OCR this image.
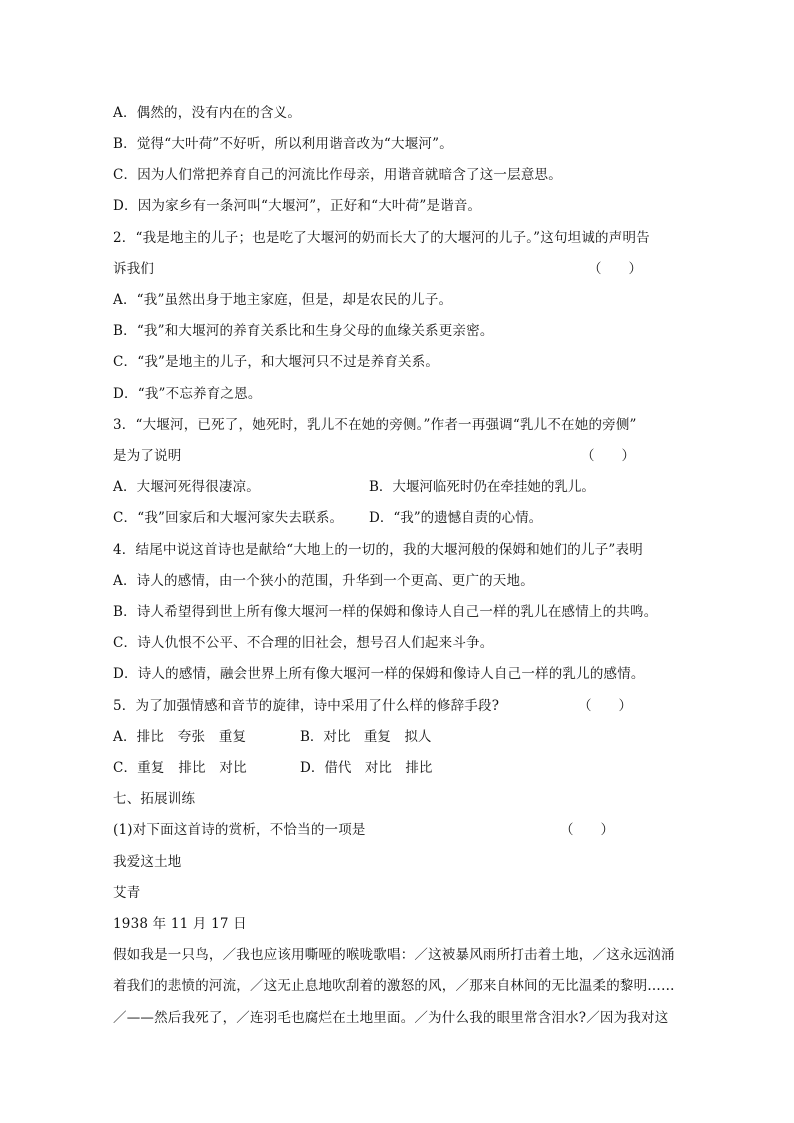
A．偶然的，没有内在的含义。
B．觉得“大叶荷”不好听，所以利用谐音改为“大堰河”。
C．因为人们常把养育自己的河流比作母亲，用谐音就暗含了这一层意思。
D．因为家乡有一条河叫“大堰河”，正好和“大叶荷”是谐音。
2．“我是地主的儿子；也是吃了大堰河的奶而长大了的大堰河的儿子。”这句坦诚的声明告
诉我们	（　　）
A．“我”虽然出身于地主家庭，但是，却是农民的儿子。
B．“我”和大堰河的养育关系比和生身父母的血缘关系更亲密。
C．“我”是地主的儿子，和大堰河只不过是养育关系。
D．“我”不忘养育之恩。
3．“大堰河，已死了，她死时，乳儿不在她的旁侧。”作者一再强调“乳儿不在她的旁侧”
是为了说明	（　　）
A．大堰河死得很凄凉。	B．大堰河临死时仍在牵挂她的乳儿。
C．“我”回家后和大堰河家失去联系。	D．“我”的遗憾自责的心情。
4．结尾中说这首诗也是献给“大地上的一切的，我的大堰河般的保姆和她们的儿子”表明
A．诗人的感情，由一个狭小的范围，升华到一个更高、更广的天地。
B．诗人希望得到世上所有像大堰河一样的保姆和像诗人自己一样的乳儿在感情上的共鸣。
C．诗人仇恨不公平、不合理的旧社会，想号召人们起来斗争。
D．诗人的感情，融会世界上所有像大堰河一样的保姆和像诗人自己一样的乳儿的感情。
5．为了加强情感和音节的旋律，诗中采用了什么样的修辞手段?	（　　）
A．排比　夸张　重复	B．对比　重复　拟人
C．重复　排比　对比	D．借代　对比　排比
七、拓展训练
(1)对下面这首诗的赏析，不恰当的一项是	（　　）
我爱这土地
艾青
1938 年 11 月 17 日
假如我是一只鸟，／我也应该用嘶哑的喉咙歌唱：／这被暴风雨所打击着土地，／这永远汹涌
着我们的悲愤的河流，／这无止息地吹刮着的激怒的风，／那来自林间的无比温柔的黎明……
／——然后我死了，／连羽毛也腐烂在土地里面。／为什么我的眼里常含泪水?／因为我对这
